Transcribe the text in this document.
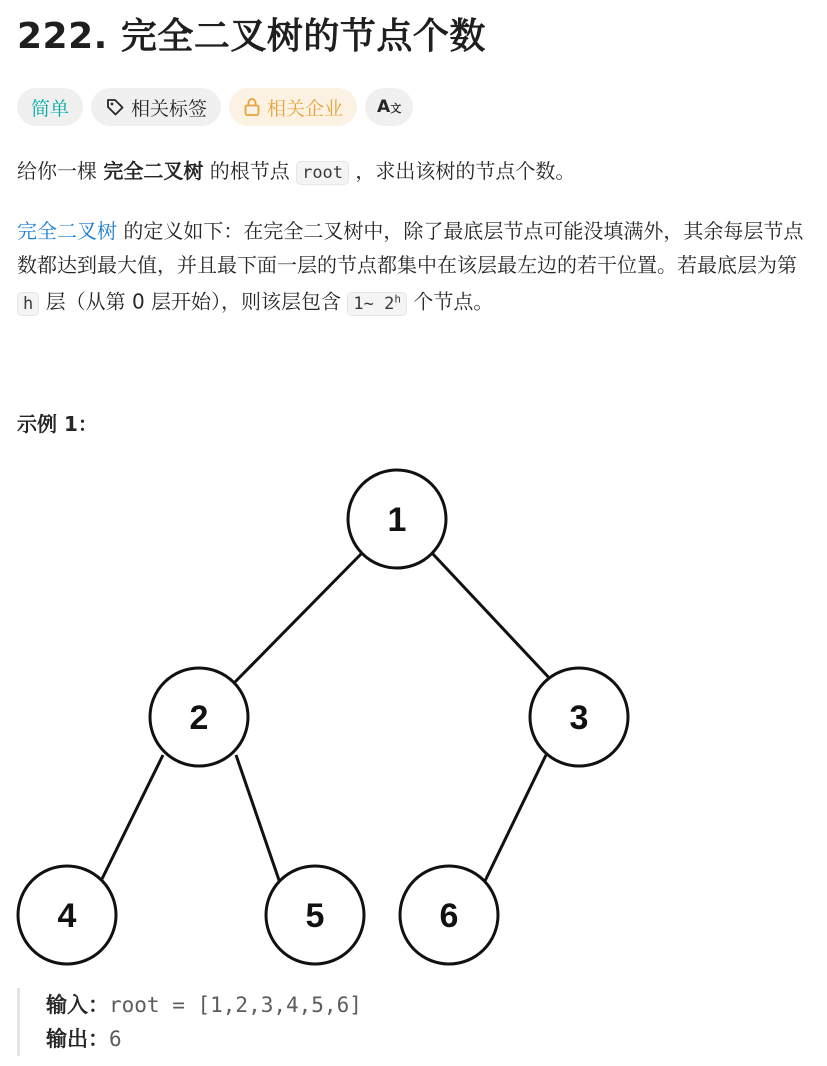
222. 完全二叉树的节点个数
简单	相关标签	相关企业 A文
给你一棵 完全二叉树 的根节点 root ，求出该树的节点个数。
完全二叉树 的定义如下：在完全二叉树中，除了最底层节点可能没填满外，其余每层节点数都达到最大值，并且最下面一层的节点都集中在该层最左边的若干位置。若最底层为第 h 层（从第 0 层开始），则该层包含 1~ 2$^h$ 个节点。
示例 1：
1
2	3
4	5	6
输入：root = [1,2,3,4,5,6]
输出：6
